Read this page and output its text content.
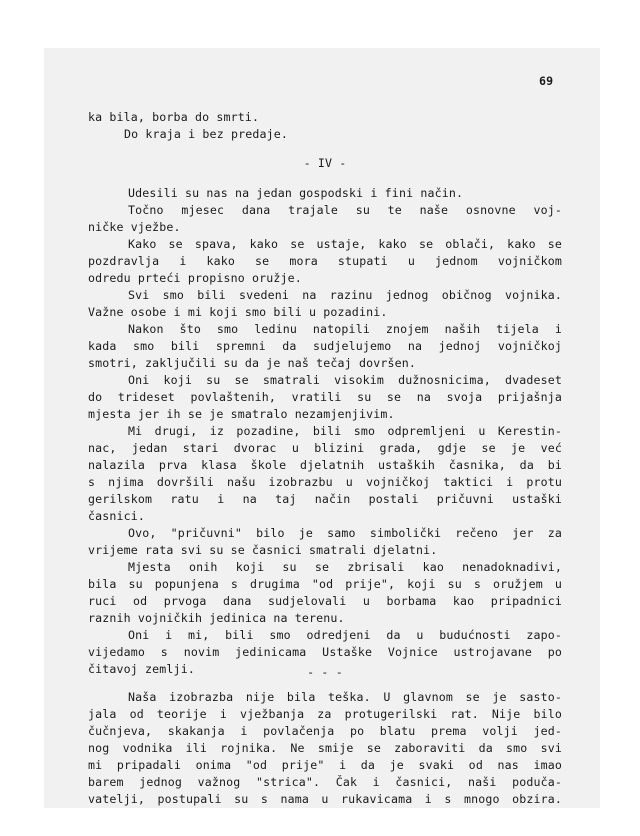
69
ka bila, borba do smrti.
Do kraja i bez predaje.
Udesili su nas na jedan gospodski i fini način.
Točno mjesec dana trajale su te naše osnovne voj-
ničke vježbe.
Kako se spava, kako se ustaje, kako se oblači, kako se
pozdravlja i kako se mora stupati u jednom vojničkom
odredu prteći propisno oružje.
Svi smo bili svedeni na razinu jednog običnog vojnika.
Važne osobe i mi koji smo bili u pozadini.
Nakon što smo ledinu natopili znojem naših tijela i
kada smo bili spremni da sudjelujemo na jednoj vojničkoj
smotri, zaključili su da je naš tečaj dovršen.
Oni koji su se smatrali visokim dužnosnicima, dvadeset
do trideset povlaštenih, vratili su se na svoja prijašnja
mjesta jer ih se je smatralo nezamjenjivim.
Mi drugi, iz pozadine, bili smo odpremljeni u Kerestin-
nac, jedan stari dvorac u blizini grada, gdje se je već
nalazila prva klasa škole djelatnih ustaških časnika, da bi
s njima dovršili našu izobrazbu u vojničkoj taktici i protu
gerilskom ratu i na taj način postali pričuvni ustaški
časnici.
Ovo, "pričuvni" bilo je samo simbolički rečeno jer za
vrijeme rata svi su se časnici smatrali djelatni.
Mjesta onih koji su se zbrisali kao nenadoknadivi,
bila su popunjena s drugima "od prije", koji su s oružjem u
ruci od prvoga dana sudjelovali u borbama kao pripadnici
raznih vojničkih jedinica na terenu.
Oni i mi, bili smo odredjeni da u budućnosti zapo-
vijedamo s novim jedinicama Ustaške Vojnice ustrojavane po
čitavoj zemlji.
Naša izobrazba nije bila teška. U glavnom se je sasto-
jala od teorije i vježbanja za protugerilski rat. Nije bilo
čučnjeva, skakanja i povlačenja po blatu prema volji jed-
nog vodnika ili rojnika. Ne smije se zaboraviti da smo svi
mi pripadali onima "od prije" i da je svaki od nas imao
barem jednog važnog "strica". Čak i časnici, naši poduča-
vatelji, postupali su s nama u rukavicama i s mnogo obzira.
- IV -
- - -
